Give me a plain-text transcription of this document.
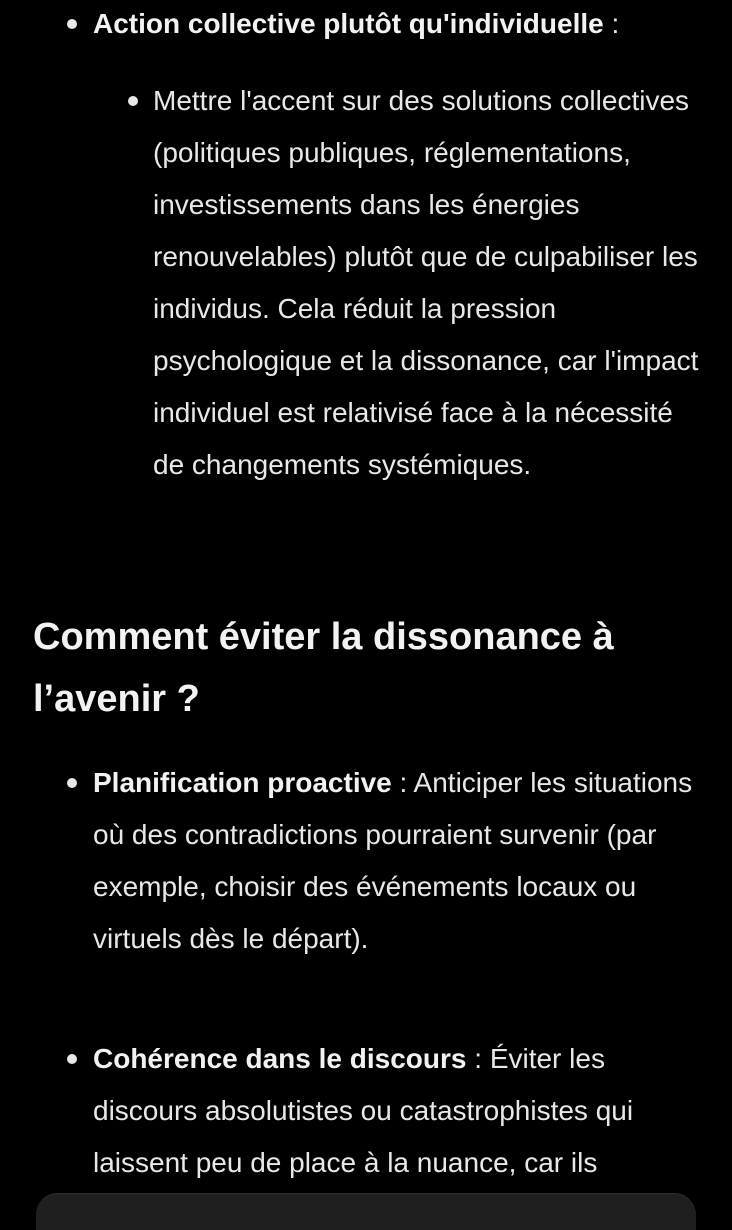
Action collective plutôt qu'individuelle :
Mettre l'accent sur des solutions collectives (politiques publiques, réglementations, investissements dans les énergies renouvelables) plutôt que de culpabiliser les individus. Cela réduit la pression psychologique et la dissonance, car l'impact individuel est relativisé face à la nécessité de changements systémiques.
Comment éviter la dissonance à l’avenir ?
Planification proactive : Anticiper les situations où des contradictions pourraient survenir (par exemple, choisir des événements locaux ou virtuels dès le départ).
Cohérence dans le discours : Éviter les discours absolutistes ou catastrophistes qui laissent peu de place à la nuance, car ils
